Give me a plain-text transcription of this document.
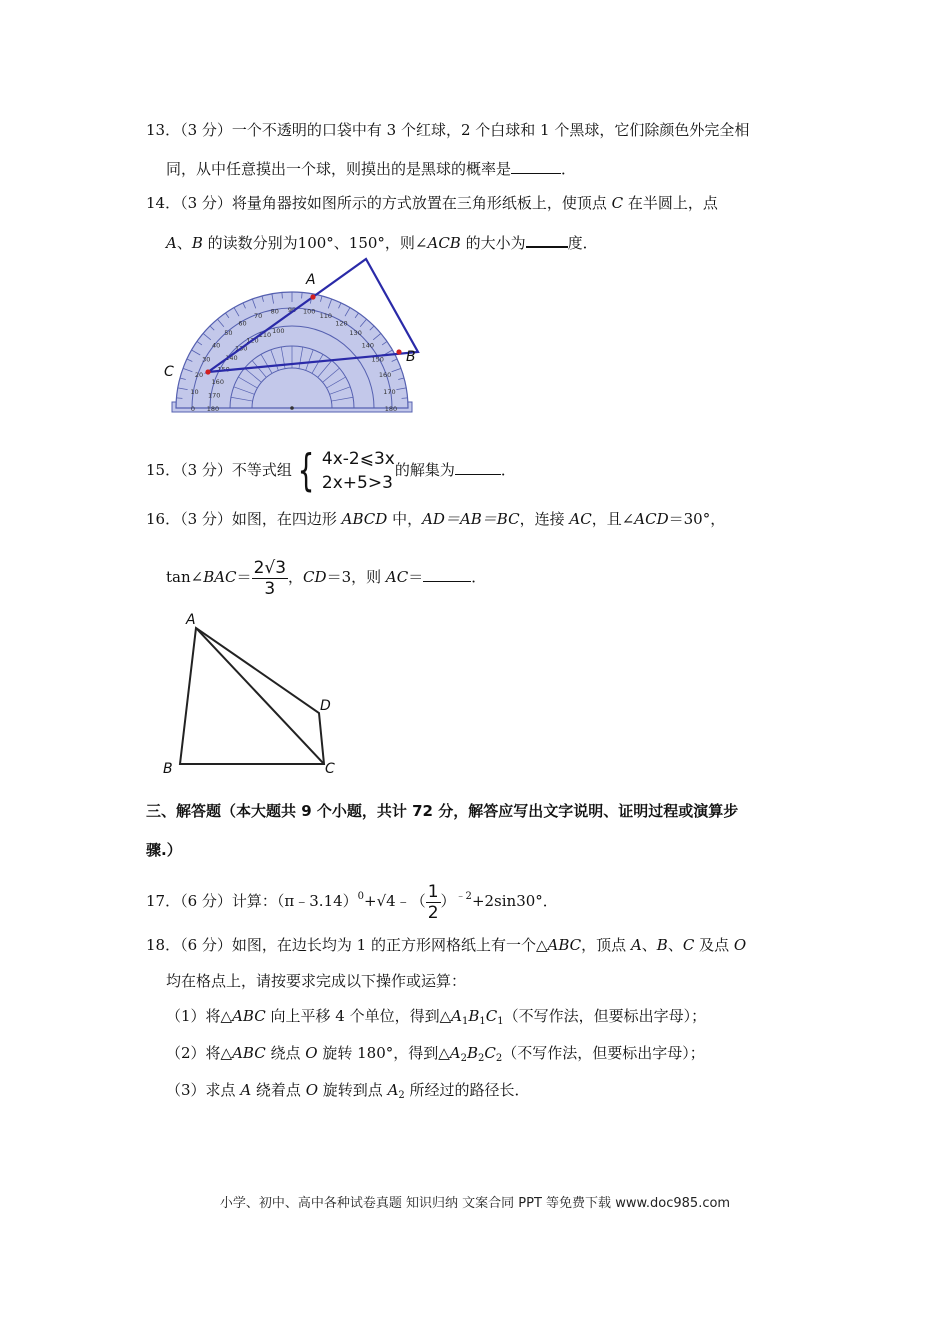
13．（3 分）一个不透明的口袋中有 3 个红球，2 个白球和 1 个黑球，它们除颜色外完全相
同，从中任意摸出一个球，则摸出的是黑球的概率是	．
14．（3 分）将量角器按如图所示的方式放置在三角形纸板上，使顶点 C 在半圆上，点
A、B 的读数分别为100°、150°，则∠ACB 的大小为	度．
0
10
20
30
40
50
60
70
80 90 100
110
120
130
140
150
160
170
180
180
170
160
150
140
130
120
110 100
A
B
C
15．（3 分）不等式组 { 4x-2⩽3x
2x+5>3
的解集为	．
16．（3 分）如图，在四边形 ABCD 中，AD＝AB＝BC，连接 AC，且∠ACD＝30°，
tan∠BAC＝ $\frac{2√3}{3}$ ，CD＝3，则 AC＝	．
A
B	C
D
三、解答题（本大题共 9 个小题，共计 72 分，解答应写出文字说明、证明过程或演算步
骤.）
17．（6 分）计算：（π﹣3.14）$^0$+√4﹣（ $\frac{1}{2} )^{﹣2}+2\sin 30^\circ$．
18．（6 分）如图，在边长均为 1 的正方形网格纸上有一个△ABC，顶点 A、B、C 及点 O
均在格点上，请按要求完成以下操作或运算：
（1）将△ABC 向上平移 4 个单位，得到$\triangle A_1B_1C_1$（不写作法，但要标出字母）；
（2）将△ABC 绕点 O 旋转 180°，得到$\triangle A_2B_2C_2$（不写作法，但要标出字母）；
（3）求点 A 绕着点 O 旋转到点 $A_2$ 所经过的路径长．
小学、初中、高中各种试卷真题 知识归纳 文案合同 PPT 等免费下载 www.doc985.com
